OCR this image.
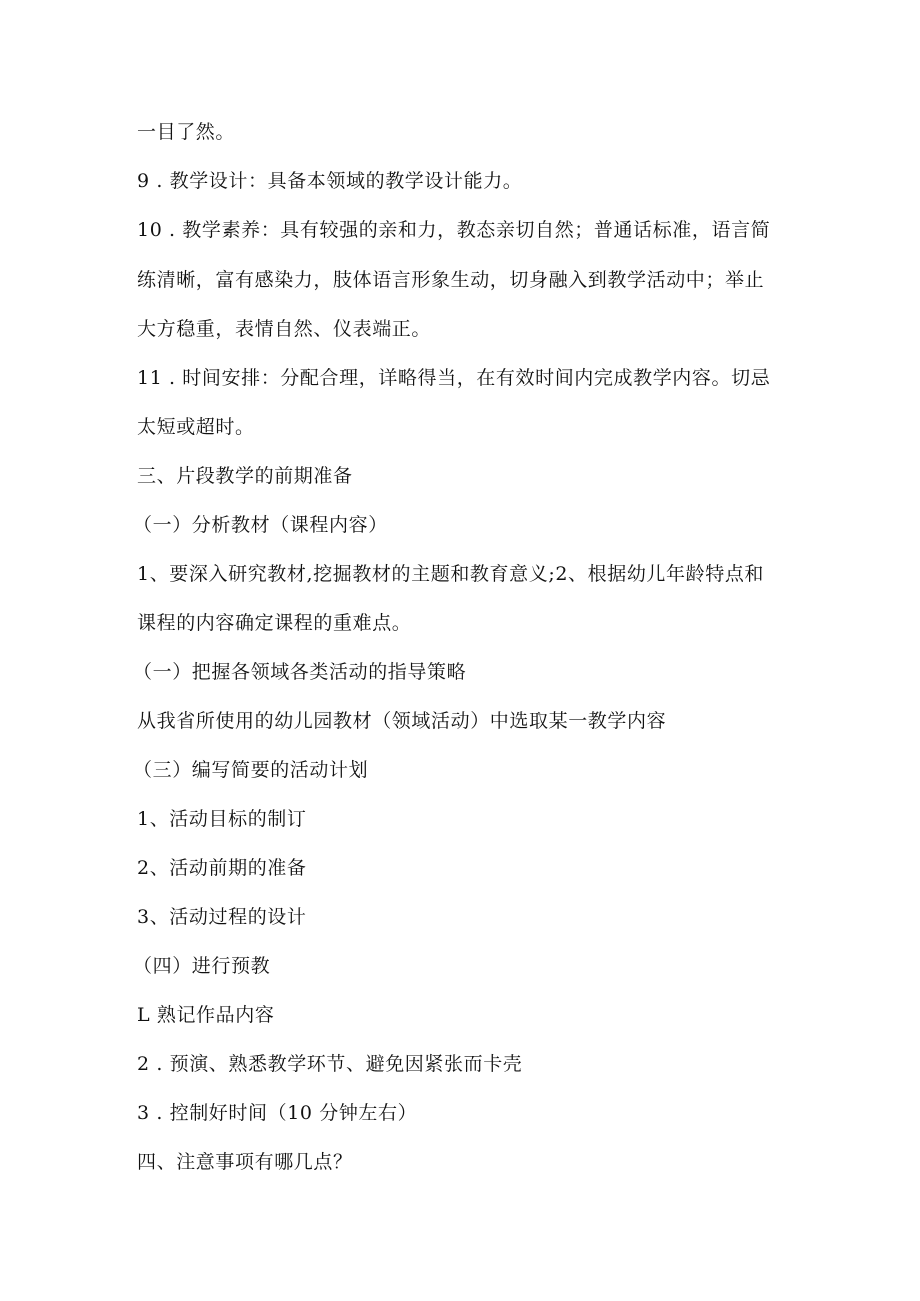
一目了然。
9 . 教学设计：具备本领域的教学设计能力。
10 . 教学素养：具有较强的亲和力，教态亲切自然；普通话标准，语言简
练清晰，富有感染力，肢体语言形象生动，切身融入到教学活动中；举止
大方稳重，表情自然、仪表端正。
11 . 时间安排：分配合理，详略得当，在有效时间内完成教学内容。切忌
太短或超时。
三、片段教学的前期准备
（一）分析教材（课程内容）
1、要深入研究教材,挖掘教材的主题和教育意义;2、根据幼儿年龄特点和
课程的内容确定课程的重难点。
（一）把握各领域各类活动的指导策略
从我省所使用的幼儿园教材（领域活动）中选取某一教学内容
（三）编写简要的活动计划
1、活动目标的制订
2、活动前期的准备
3、活动过程的设计
（四）进行预教
L 熟记作品内容
2 . 预演、熟悉教学环节、避免因紧张而卡壳
3 . 控制好时间（10 分钟左右）
四、注意事项有哪几点？
